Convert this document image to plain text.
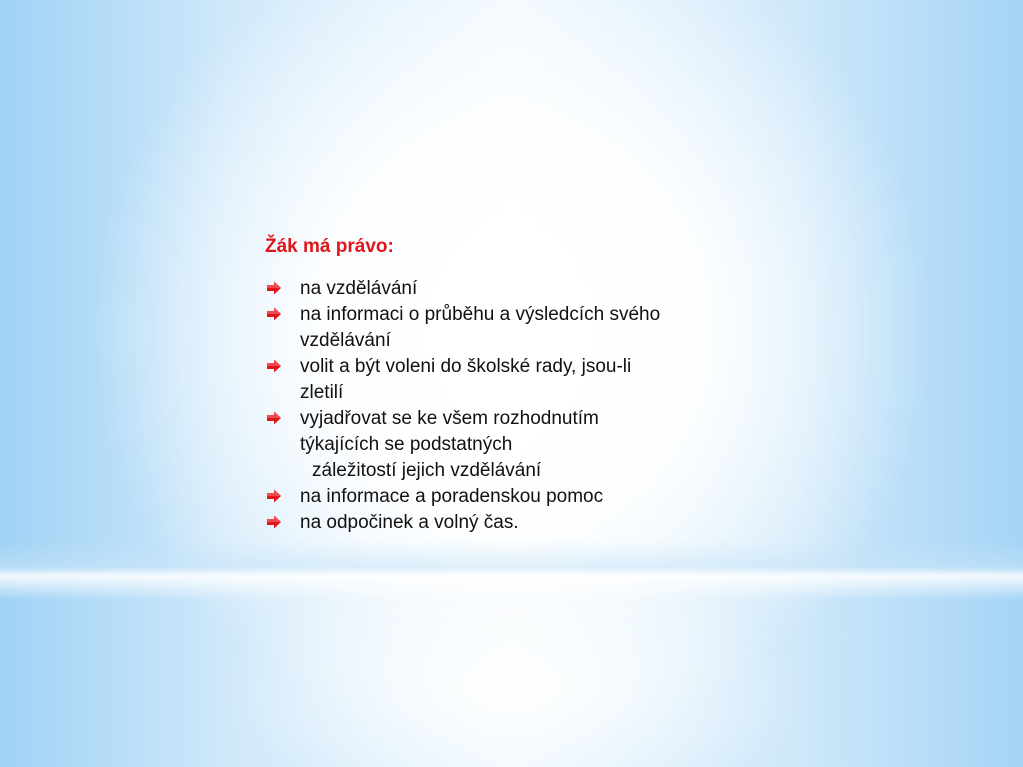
Žák má právo:
na vzdělávání
na informaci o průběhu a výsledcích svého
vzdělávání
volit a být voleni do školské rady, jsou-li
zletilí
vyjadřovat se ke všem rozhodnutím
týkajících se podstatných
záležitostí jejich vzdělávání
na informace a poradenskou pomoc
na odpočinek a volný čas.
